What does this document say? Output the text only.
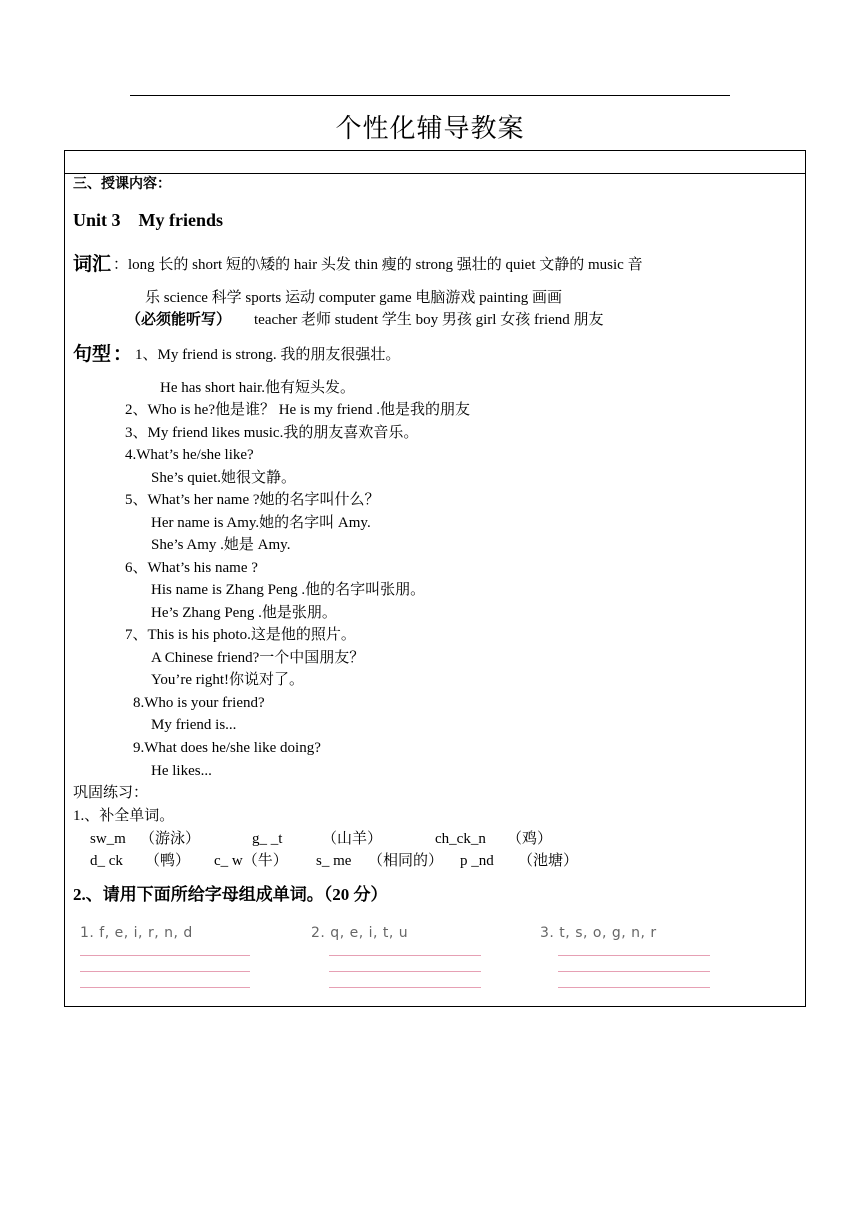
个性化辅导教案
三、授课内容：
Unit 3　My friends
词汇 ：long 长的 short 短的\矮的 hair 头发 thin 瘦的 strong 强壮的 quiet 文静的 music 音
乐 science 科学 sports 运动 computer game 电脑游戏 painting 画画
（必须能听写） teacher 老师 student 学生 boy 男孩 girl 女孩 friend 朋友
句型 ： 1、My friend is strong. 我的朋友很强壮。
He has short hair.他有短头发。
2、Who is he?他是谁？ He is my friend .他是我的朋友
3、My friend likes music.我的朋友喜欢音乐。
4.What’s he/she like?
She’s quiet.她很文静。
5、What’s her name ?她的名字叫什么？
Her name is Amy.她的名字叫 Amy.
She’s Amy .她是 Amy.
6、What’s his name ?
His name is Zhang Peng .他的名字叫张朋。
He’s Zhang Peng .他是张朋。
7、This is his photo.这是他的照片。
A Chinese friend?一个中国朋友？
You’re right!你说对了。
8.Who is your friend?
My friend is...
9.What does he/she like doing?
He likes...
巩固练习：
1.、补全单词。
sw_m （游泳）	g_ _t	（山羊）	ch_ck_n （鸡）
d_ ck （鸭） c_ w（牛） s_ me （相同的） p _nd （池塘）
2.、请用下面所给字母组成单词。（20 分）
1. f, e, i, r, n, d	2. q, e, i, t, u	3. t, s, o, g, n, r
